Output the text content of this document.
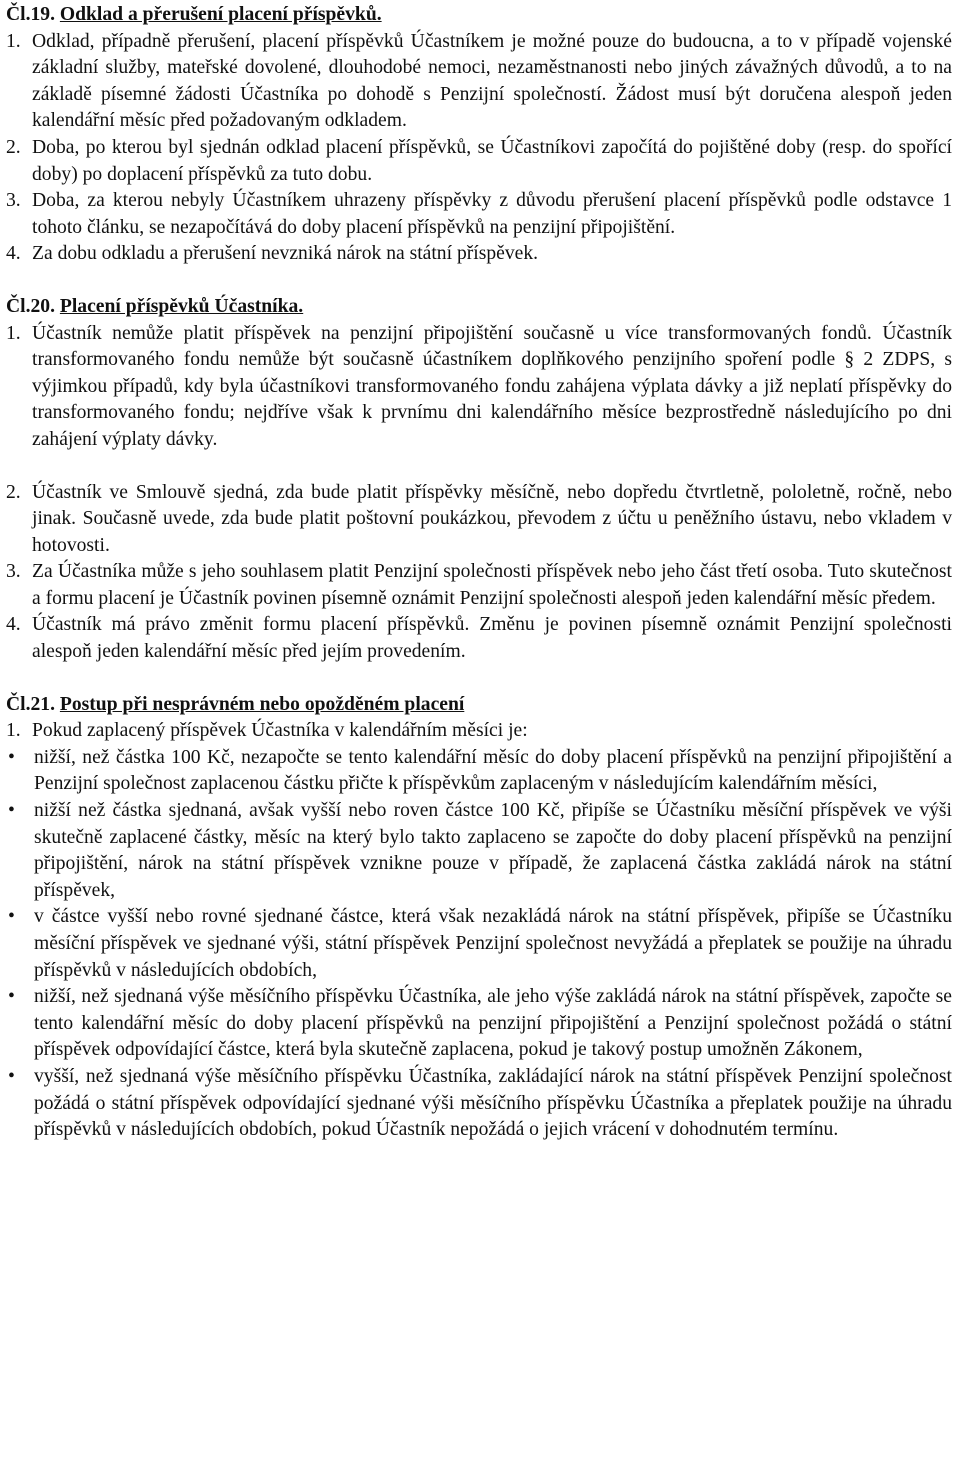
Čl.19. Odklad a přerušení placení příspěvků.

1. Odklad, případně přerušení, placení příspěvků Účastníkem je možné pouze do budoucna, a to v případě vojenské základní služby, mateřské dovolené, dlouhodobé nemoci, nezaměstnanosti nebo jiných závažných důvodů, a to na základě písemné žádosti Účastníka po dohodě s Penzijní společností. Žádost musí být doručena alespoň jeden kalendářní měsíc před požadovaným odkladem.

2. Doba, po kterou byl sjednán odklad placení příspěvků, se Účastníkovi započítá do pojištěné doby (resp. do spořící doby) po doplacení příspěvků za tuto dobu.

3. Doba, za kterou nebyly Účastníkem uhrazeny příspěvky z důvodu přerušení placení příspěvků podle odstavce 1 tohoto článku, se nezapočítává do doby placení příspěvků na penzijní připojištění.

4. Za dobu odkladu a přerušení nevzniká nárok na státní příspěvek.

Čl.20. Placení příspěvků Účastníka.

1. Účastník nemůže platit příspěvek na penzijní připojištění současně u více transformovaných fondů. Účastník transformovaného fondu nemůže být současně účastníkem doplňkového penzijního spoření podle § 2 ZDPS, s výjimkou případů, kdy byla účastníkovi transformovaného fondu zahájena výplata dávky a již neplatí příspěvky do transformovaného fondu; nejdříve však k prvnímu dni kalendářního měsíce bezprostředně následujícího po dni zahájení výplaty dávky.

2. Účastník ve Smlouvě sjedná, zda bude platit příspěvky měsíčně, nebo dopředu čtvrtletně, pololetně, ročně, nebo jinak. Současně uvede, zda bude platit poštovní poukázkou, převodem z účtu u peněžního ústavu, nebo vkladem v hotovosti.

3. Za Účastníka může s jeho souhlasem platit Penzijní společnosti příspěvek nebo jeho část třetí osoba. Tuto skutečnost a formu placení je Účastník povinen písemně oznámit Penzijní společnosti alespoň jeden kalendářní měsíc předem.

4. Účastník má právo změnit formu placení příspěvků. Změnu je povinen písemně oznámit Penzijní společnosti alespoň jeden kalendářní měsíc před jejím provedením.

Čl.21. Postup při nesprávném nebo opožděném placení

1. Pokud zaplacený příspěvek Účastníka v kalendářním měsíci je:

• nižší, než částka 100 Kč, nezapočte se tento kalendářní měsíc do doby placení příspěvků na penzijní připojištění a Penzijní společnost zaplacenou částku přičte k příspěvkům zaplaceným v následujícím kalendářním měsíci,
• nižší než částka sjednaná, avšak vyšší nebo roven částce 100 Kč, připíše se Účastníku měsíční příspěvek ve výši skutečně zaplacené částky, měsíc na který bylo takto zaplaceno se započte do doby placení příspěvků na penzijní připojištění, nárok na státní příspěvek vznikne pouze v případě, že zaplacená částka zakládá nárok na státní příspěvek,
• v částce vyšší nebo rovné sjednané částce, která však nezakládá nárok na státní příspěvek, připíše se Účastníku měsíční příspěvek ve sjednané výši, státní příspěvek Penzijní společnost nevyžádá a přeplatek se použije na úhradu příspěvků v následujících obdobích,
• nižší, než sjednaná výše měsíčního příspěvku Účastníka, ale jeho výše zakládá nárok na státní příspěvek, započte se tento kalendářní měsíc do doby placení příspěvků na penzijní připojištění a Penzijní společnost požádá o státní příspěvek odpovídající částce, která byla skutečně zaplacena, pokud je takový postup umožněn Zákonem,
• vyšší, než sjednaná výše měsíčního příspěvku Účastníka, zakládající nárok na státní příspěvek Penzijní společnost požádá o státní příspěvek odpovídající sjednané výši měsíčního příspěvku Účastníka a přeplatek použije na úhradu příspěvků v následujících obdobích, pokud Účastník nepožádá o jejich vrácení v dohodnutém termínu.
